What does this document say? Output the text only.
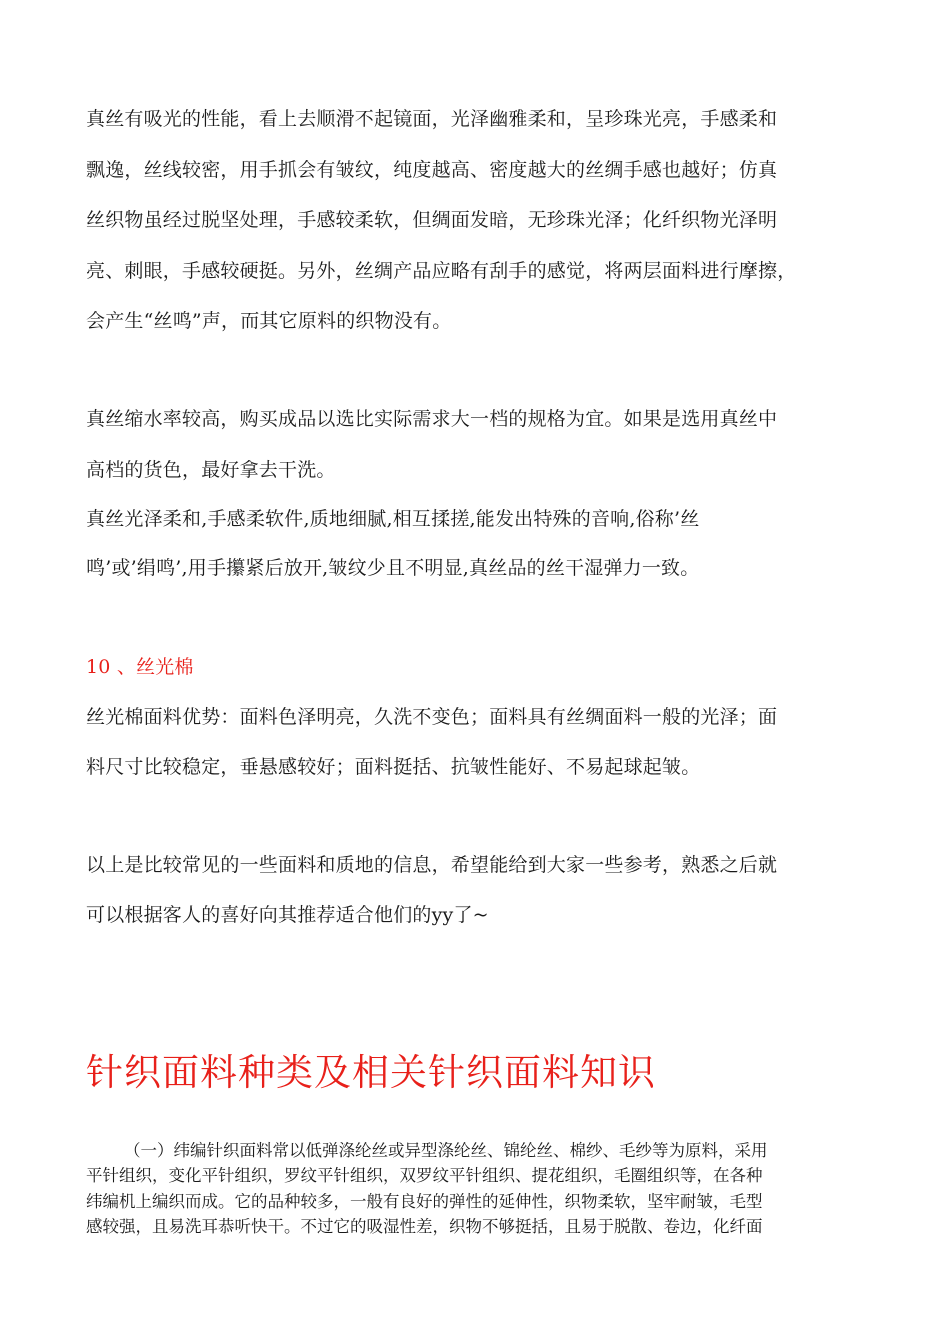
真丝有吸光的性能，看上去顺滑不起镜面，光泽幽雅柔和，呈珍珠光亮，手感柔和
飘逸，丝线较密，用手抓会有皱纹，纯度越高、密度越大的丝绸手感也越好；仿真
丝织物虽经过脱坚处理，手感较柔软，但绸面发暗，无珍珠光泽；化纤织物光泽明
亮、刺眼，手感较硬挺。另外，丝绸产品应略有刮手的感觉，将两层面料进行摩擦，
会产生“丝鸣”声，而其它原料的织物没有。
真丝缩水率较高，购买成品以选比实际需求大一档的规格为宜。如果是选用真丝中
高档的货色，最好拿去干洗。
真丝光泽柔和,手感柔软件,质地细腻,相互揉搓,能发出特殊的音响,俗称’丝
鸣’或’绢鸣’,用手攥紧后放开,皱纹少且不明显,真丝品的丝干湿弹力一致。
10 、丝光棉
丝光棉面料优势：面料色泽明亮，久洗不变色；面料具有丝绸面料一般的光泽；面
料尺寸比较稳定，垂悬感较好；面料挺括、抗皱性能好、不易起球起皱。
以上是比较常见的一些面料和质地的信息，希望能给到大家一些参考，熟悉之后就
可以根据客人的喜好向其推荐适合他们的yy了~
针织面料种类及相关针织面料知识
（一）纬编针织面料常以低弹涤纶丝或异型涤纶丝、锦纶丝、棉纱、毛纱等为原料，采用
平针组织，变化平针组织，罗纹平针组织，双罗纹平针组织、提花组织，毛圈组织等，在各种
纬编机上编织而成。它的品种较多，一般有良好的弹性的延伸性，织物柔软，坚牢耐皱，毛型
感较强，且易洗耳恭听快干。不过它的吸湿性差，织物不够挺括，且易于脱散、卷边，化纤面
